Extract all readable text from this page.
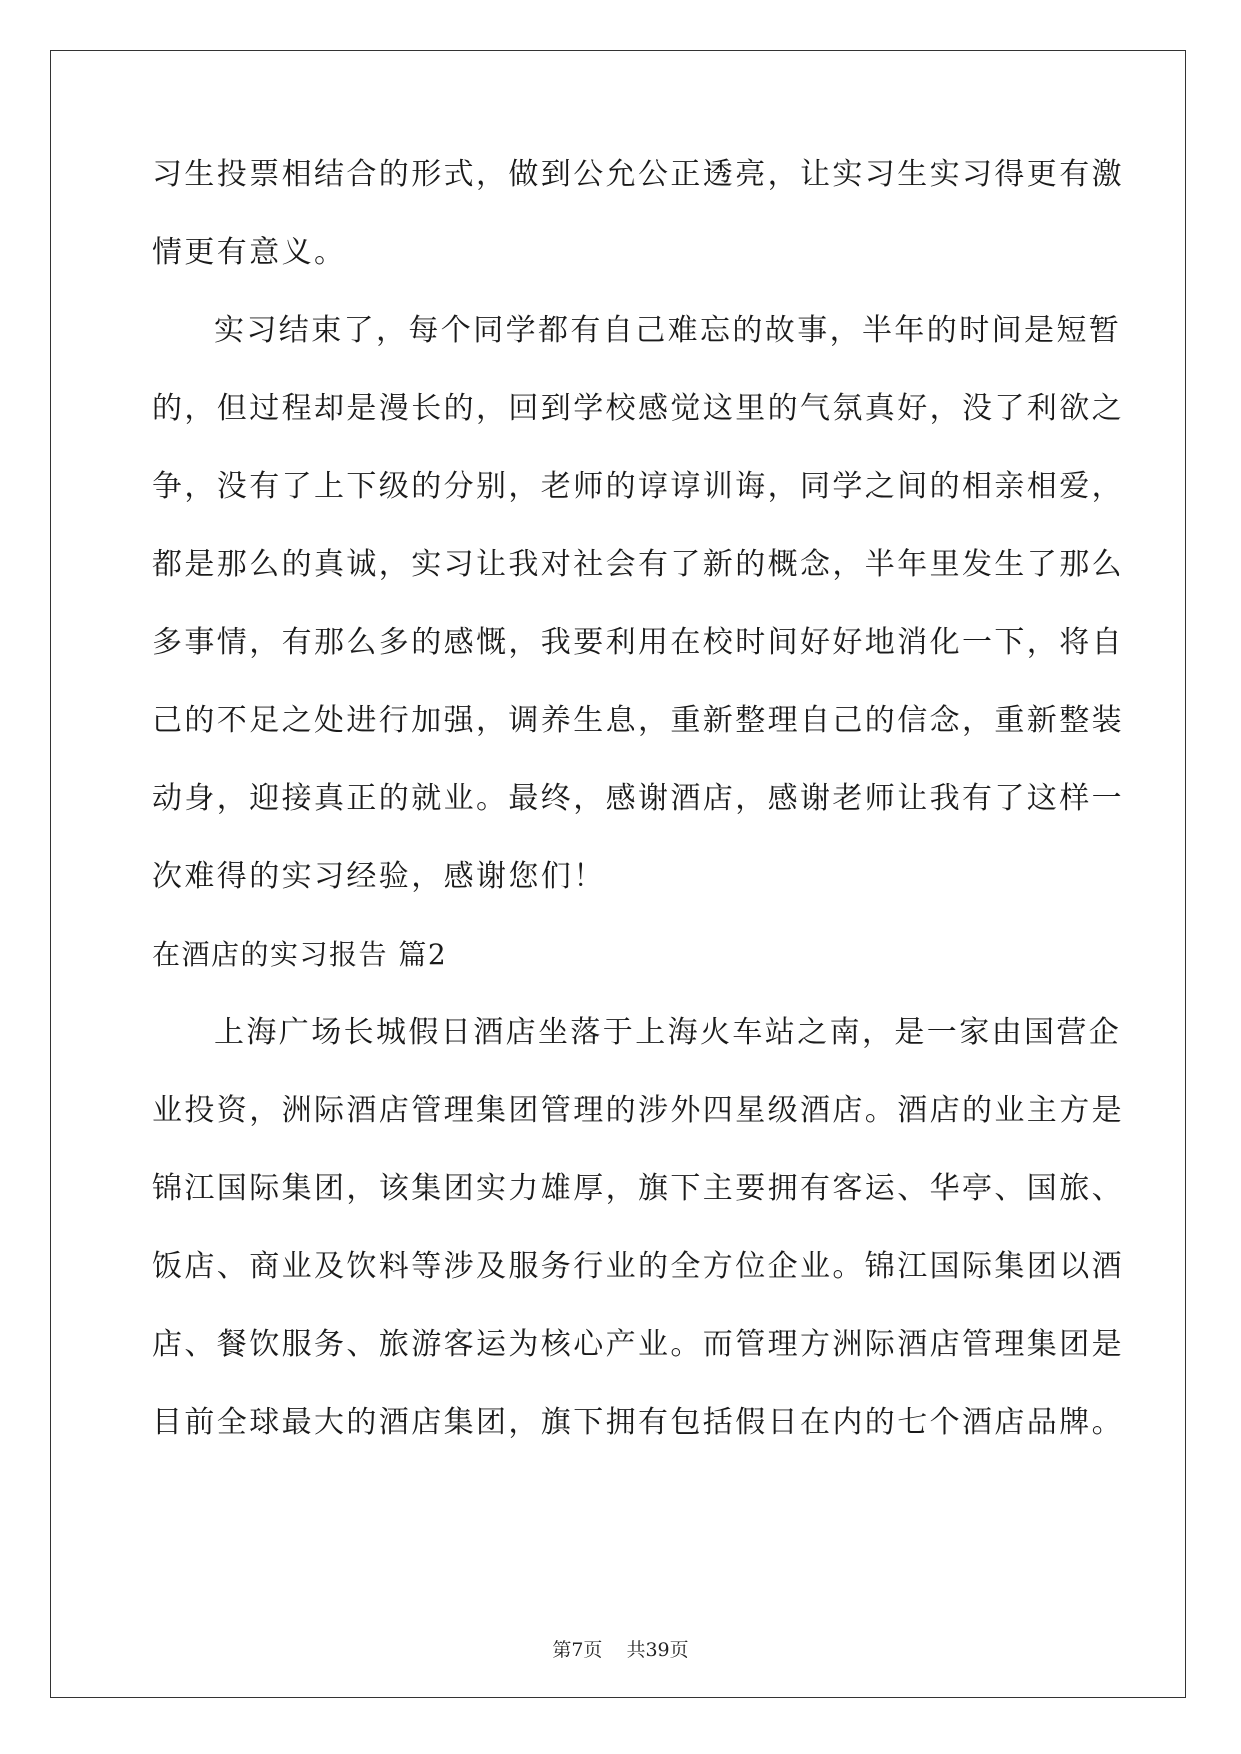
习生投票相结合的形式，做到公允公正透亮，让实习生实习得更有激
情更有意义。
实习结束了，每个同学都有自己难忘的故事，半年的时间是短暂
的，但过程却是漫长的，回到学校感觉这里的气氛真好，没了利欲之
争，没有了上下级的分别，老师的谆谆训诲，同学之间的相亲相爱，
都是那么的真诚，实习让我对社会有了新的概念，半年里发生了那么
多事情，有那么多的感慨，我要利用在校时间好好地消化一下，将自
己的不足之处进行加强，调养生息，重新整理自己的信念，重新整装
动身，迎接真正的就业。最终，感谢酒店，感谢老师让我有了这样一
次难得的实习经验，感谢您们！
在酒店的实习报告 篇2
上海广场长城假日酒店坐落于上海火车站之南，是一家由国营企
业投资，洲际酒店管理集团管理的涉外四星级酒店。酒店的业主方是
锦江国际集团，该集团实力雄厚，旗下主要拥有客运、华亭、国旅、
饭店、商业及饮料等涉及服务行业的全方位企业。锦江国际集团以酒
店、餐饮服务、旅游客运为核心产业。而管理方洲际酒店管理集团是
目前全球最大的酒店集团，旗下拥有包括假日在内的七个酒店品牌。
第7页 共39页
